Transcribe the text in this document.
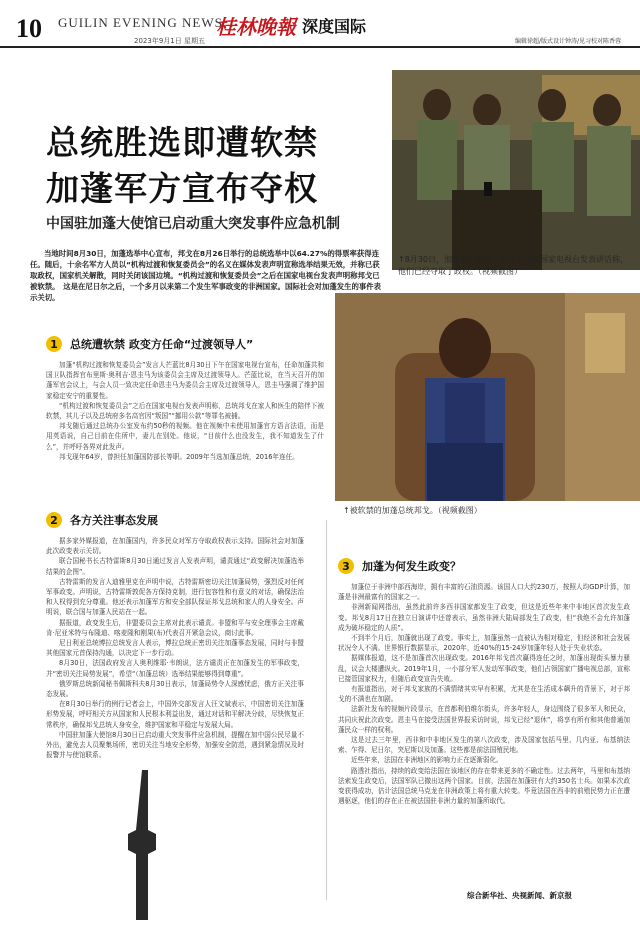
10 GUILIN EVENING NEWS
桂林晚報 深度国际
2023年9月1日 星期五	编辑徐超/版式设计钟涛/见习校对陈香蓉
总统胜选即遭软禁
加蓬军方宣布夺权
中国驻加蓬大使馆已启动重大突发事件应急机制
↑8月30日，加蓬利伯维尔，军方人员在国家电视台发表讲话称，他们已经夺取了政权。（视频截图）
当地时间8月30日，加蓬选举中心宣布，邦戈在8月26日举行的总统选举中以64.27%的得票率获得连任。随后，十余名军方人员以“机构过渡和恢复委员会”的名义在媒体发表声明宣称选举结果无效，并称已获取政权，国家机关解散，同时关闭该国边境。“机构过渡和恢复委员会”之后在国家电视台发表声明称邦戈已被软禁。　这是在尼日尔之后，一个多月以来第二个发生军事政变的非洲国家。国际社会对加蓬发生的事件表示关切。
↑被软禁的加蓬总统邦戈。（视频截图）
1	总统遭软禁 政变方任命“过渡领导人”

加蓬“机构过渡和恢复委员会”发言人芒蓝比8月30日下午在国家电视台宣布，任命加蓬共和国卫队指挥官布里斯·奥利吉·恩圭马为该委员会主席及过渡领导人。芒蓝比说，在当天召开的加蓬军官会议上，与会人员一致决定任命恩圭马为委员会主席及过渡领导人，恩圭马强调了维护国家稳定安宁的重要性。

“机构过渡和恢复委员会”之后在国家电视台发表声明称，总统邦戈在家人和医生的陪伴下被软禁，其儿子以及总统府多名高官因“叛国”“挪用公款”等罪名被捕。

邦戈随后通过总统办公室发布约50秒的视频。他在视频中未使用加蓬官方语言法语，而是用英语说，自己目前在住所中，妻儿在别处。他说，“目前什么也没发生，我不知道发生了什么”，并呼吁各界对此发声。

邦戈现年64岁，曾担任加蓬国防部长等职。2009年当选加蓬总统，2016年连任。

2	各方关注事态发展

据多家外媒报道，在加蓬国内，许多民众对军方夺取政权表示支持。国际社会对加蓬此次政变表示关切。

联合国秘书长古特雷斯8月30日通过发言人发表声明，谴责通过“政变解决加蓬选举结果的企图”。

古特雷斯的发言人迪雅里克在声明中说，古特雷斯密切关注加蓬局势，强烈反对任何军事政变。声明说，古特雷斯敦促各方保持克制，进行包容性和有意义的对话，确保法治和人权得到充分尊重。他还表示加蓬军方和安全部队保证邦戈总统和家人的人身安全。声明说，联合国与加蓬人民站在一起。

据报道，政变发生后，非盟委员会主席对此表示谴责。非盟和平与安全理事会主席戴肯·尼亚米特与布隆迪、喀麦隆和刚果(布)代表召开紧急会议，商讨此事。

尼日利亚总统博拉总统发言人表示，博拉总统正密切关注加蓬事态发展，同时与非盟其他国家元首保持沟通，以决定下一步行动。

8月30日，法国政府发言人奥利维耶·韦朗说，法方谴责正在加蓬发生的军事政变，并“密切关注局势发展”，希望“（加蓬总统）选举结果能够得到尊重”。

俄罗斯总统新闻秘书佩斯科夫8月30日表示，加蓬局势令人深感忧虑，俄方正关注事态发展。

在8月30日举行的例行记者会上，中国外交部发言人汪文斌表示，中国密切关注加蓬形势发展，呼吁相关方从国家和人民根本利益出发，通过对话和平解决分歧，尽快恢复正常秩序，确保邦戈总统人身安全，维护国家和平稳定与发展大局。

中国驻加蓬大使馆8月30日已启动重大突发事件应急机制，提醒在加中国公民尽量不外出，避免去人员聚集场所，密切关注当地安全形势，加强安全防范，遇到紧急情况及时报警并与使馆联系。

3	加蓬为何发生政变？

加蓬位于非洲中部西海岸，拥有丰富的石油资源。该国人口大约230万，按照人均GDP计算，加蓬是非洲最富有的国家之一。

非洲新闻网指出，虽然此前许多西非国家都发生了政变，但这是近些年来中非地区首次发生政变。邦戈8月17日在独立日演讲中还曾表示，虽然非洲大陆局部发生了政变，但“我绝不会允许加蓬成为破坏稳定的人质”。

不到半个月后，加蓬就出现了政变。事实上，加蓬虽然一直被认为相对稳定，但经济和社会发展状况令人不满。世界银行数据显示，2020年，近40%的15-24岁加蓬年轻人处于失业状态。

据媒体报道，这不是加蓬首次出现政变。2016年邦戈首次赢得连任之时，加蓬出现街头暴力骚乱，议会大楼遭纵火。2019年1月，一小部分军人发动军事政变，他们占领国家广播电视总部，宣称已接管国家权力，但随后政变宣告失败。

有报道指出，对于邦戈家族的不满情绪其实早有积累，尤其是在生活成本飙升的背景下，对于邦戈的不满也在加剧。

法新社发布的视频片段显示，在首都利伯维尔街头，许多年轻人，身边围绕了很多军人和民众，共同庆祝此次政变。恩圭马在接受法国世界报采访时说，邦戈已经“退休”，将享有所有和其他普通加蓬民众一样的权利。

这是过去三年里，西非和中非地区发生的第八次政变，涉及国家包括马里、几内亚、布基纳法索、乍得、尼日尔，突尼斯以及加蓬。这些都是前法国殖民地。

近些年来，法国在非洲地区的影响力正在逐渐弱化。

路透社指出，持续的政变给法国在该地区的存在带来更多的不确定性。过去两年，马里和布基纳法索发生政变后，法国军队已撤出这两个国家。目前，法国在加蓬驻有大约350名士兵。如果本次政变获得成功，估计法国总统马克龙在非洲政策上将有重大转变。毕竟法国在西非的前殖民势力正在遭遇驱逐，他们的存在正在被法国驻非洲力量的加蓬所取代。

综合新华社、央视新闻、新京报
